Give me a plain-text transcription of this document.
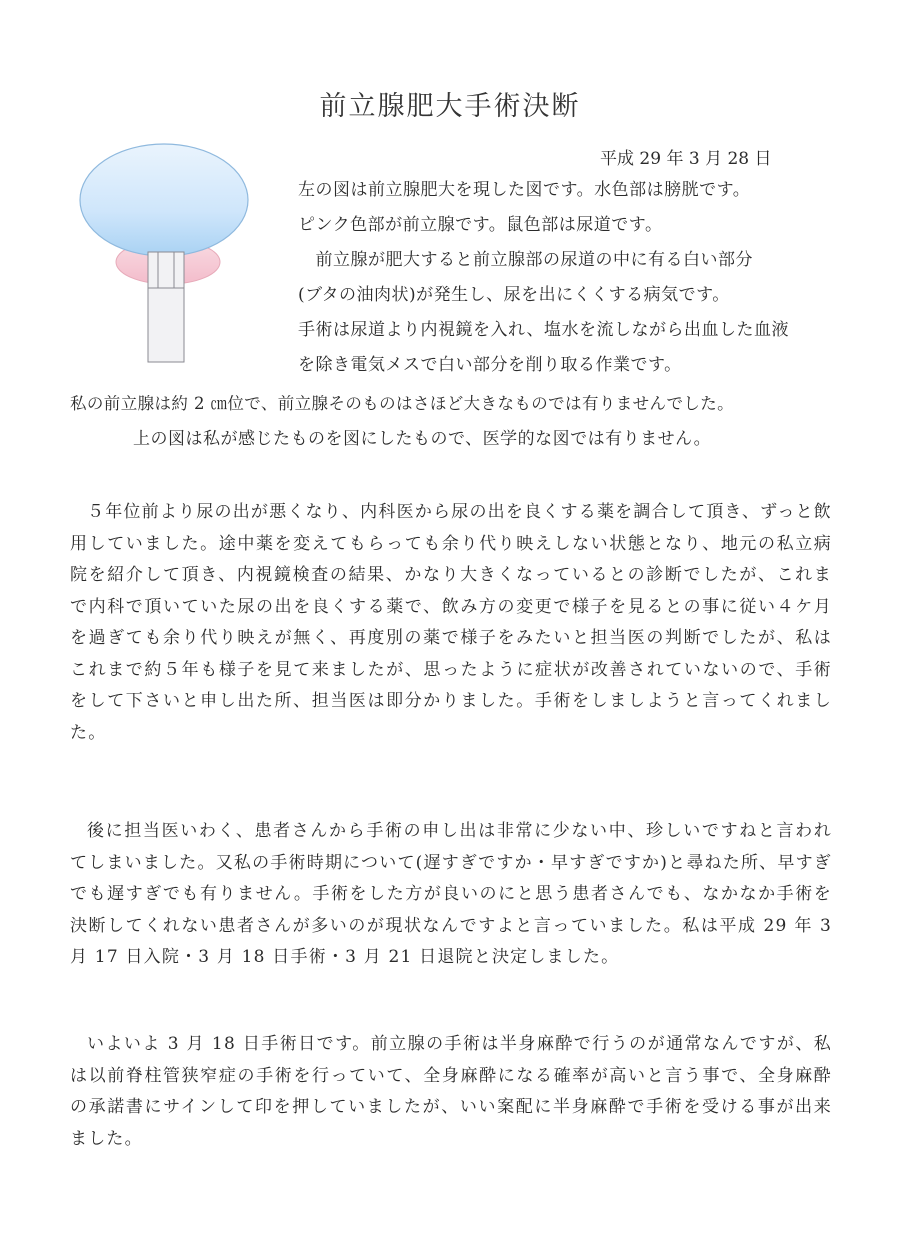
前立腺肥大手術決断
平成 29 年 3 月 28 日
左の図は前立腺肥大を現した図です。水色部は膀胱です。
ピンク色部が前立腺です。鼠色部は尿道です。
　前立腺が肥大すると前立腺部の尿道の中に有る白い部分
(ブタの油肉状)が発生し、尿を出にくくする病気です。
手術は尿道より内視鏡を入れ、塩水を流しながら出血した血液
を除き電気メスで白い部分を削り取る作業です。
私の前立腺は約 2 ㎝位で、前立腺そのものはさほど大きなものでは有りませんでした。
上の図は私が感じたものを図にしたもので、医学的な図では有りません。
５年位前より尿の出が悪くなり、内科医から尿の出を良くする薬を調合して頂き、ずっと飲用していました。途中薬を変えてもらっても余り代り映えしない状態となり、地元の私立病院を紹介して頂き、内視鏡検査の結果、かなり大きくなっているとの診断でしたが、これまで内科で頂いていた尿の出を良くする薬で、飲み方の変更で様子を見るとの事に従い４ケ月を過ぎても余り代り映えが無く、再度別の薬で様子をみたいと担当医の判断でしたが、私はこれまで約５年も様子を見て来ましたが、思ったように症状が改善されていないので、手術をして下さいと申し出た所、担当医は即分かりました。手術をしましようと言ってくれました。
後に担当医いわく、患者さんから手術の申し出は非常に少ない中、珍しいですねと言われてしまいました。又私の手術時期について(遅すぎですか・早すぎですか)と尋ねた所、早すぎでも遅すぎでも有りません。手術をした方が良いのにと思う患者さんでも、なかなか手術を決断してくれない患者さんが多いのが現状なんですよと言っていました。私は平成 29 年 3 月 17 日入院・3 月 18 日手術・3 月 21 日退院と決定しました。
いよいよ 3 月 18 日手術日です。前立腺の手術は半身麻酔で行うのが通常なんですが、私は以前脊柱管狭窄症の手術を行っていて、全身麻酔になる確率が高いと言う事で、全身麻酔の承諾書にサインして印を押していましたが、いい案配に半身麻酔で手術を受ける事が出来ました。
